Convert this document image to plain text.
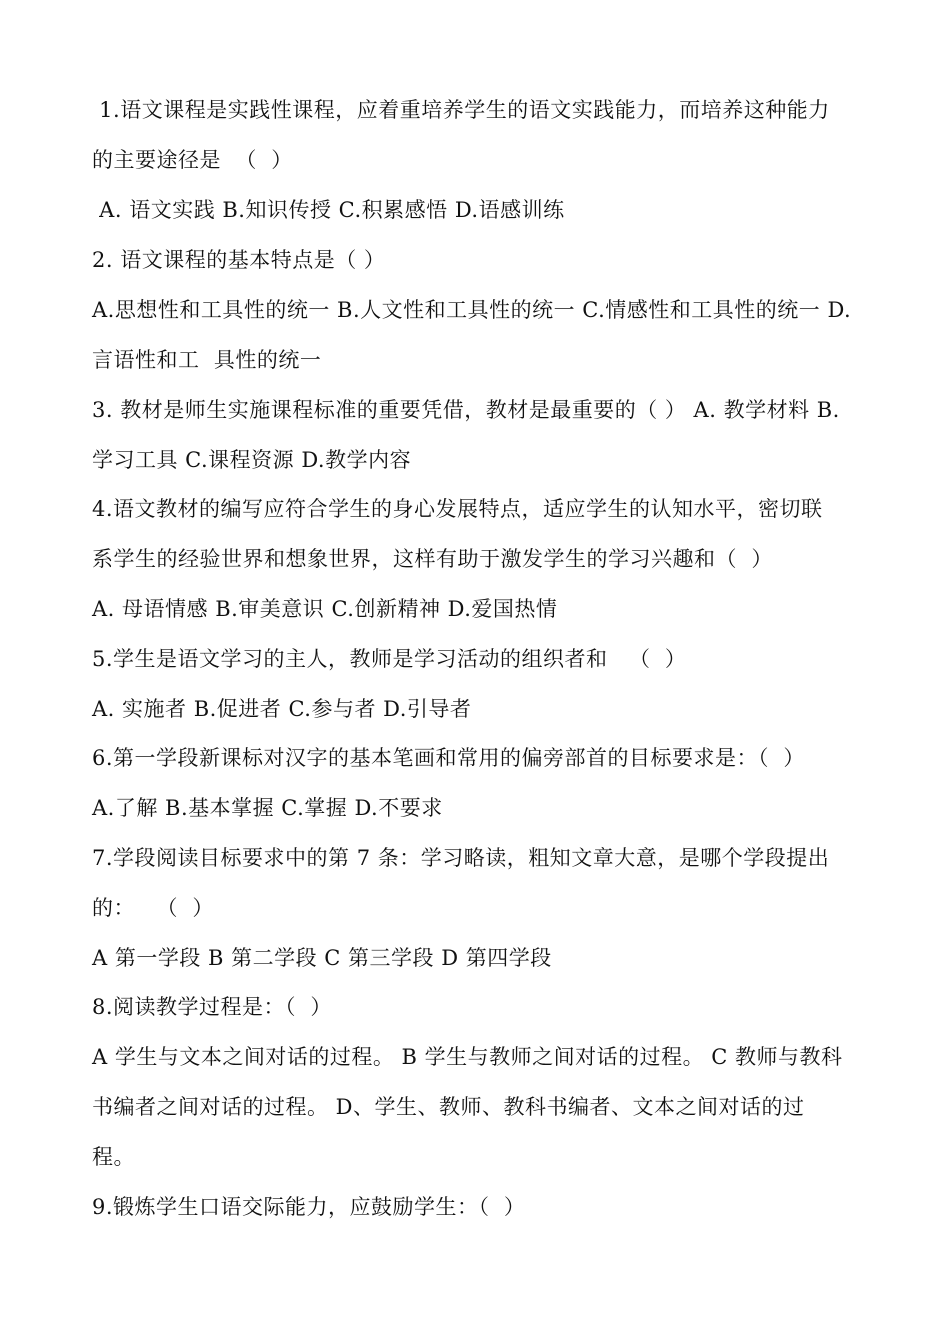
1.语文课程是实践性课程，应着重培养学生的语文实践能力，而培养这种能力
的主要途径是  （  ）
A. 语文实践 B.知识传授 C.积累感悟 D.语感训练
2. 语文课程的基本特点是（ ）
A.思想性和工具性的统一 B.人文性和工具性的统一 C.情感性和工具性的统一 D.
言语性和工  具性的统一
3. 教材是师生实施课程标准的重要凭借，教材是最重要的（ ） A. 教学材料 B.
学习工具 C.课程资源 D.教学内容
4.语文教材的编写应符合学生的身心发展特点，适应学生的认知水平，密切联
系学生的经验世界和想象世界，这样有助于激发学生的学习兴趣和（  ）
A. 母语情感 B.审美意识 C.创新精神 D.爱国热情
5.学生是语文学习的主人，教师是学习活动的组织者和   （  ）
A. 实施者 B.促进者 C.参与者 D.引导者
6.第一学段新课标对汉字的基本笔画和常用的偏旁部首的目标要求是：（  ）
A.了解 B.基本掌握 C.掌握 D.不要求
7.学段阅读目标要求中的第 7 条：学习略读，粗知文章大意，是哪个学段提出
的：   （  ）
A 第一学段 B 第二学段 C 第三学段 D 第四学段
8.阅读教学过程是：（  ）
A 学生与文本之间对话的过程。 B 学生与教师之间对话的过程。 C 教师与教科
书编者之间对话的过程。 D、学生、教师、教科书编者、文本之间对话的过
程。
9.锻炼学生口语交际能力，应鼓励学生：（  ）
